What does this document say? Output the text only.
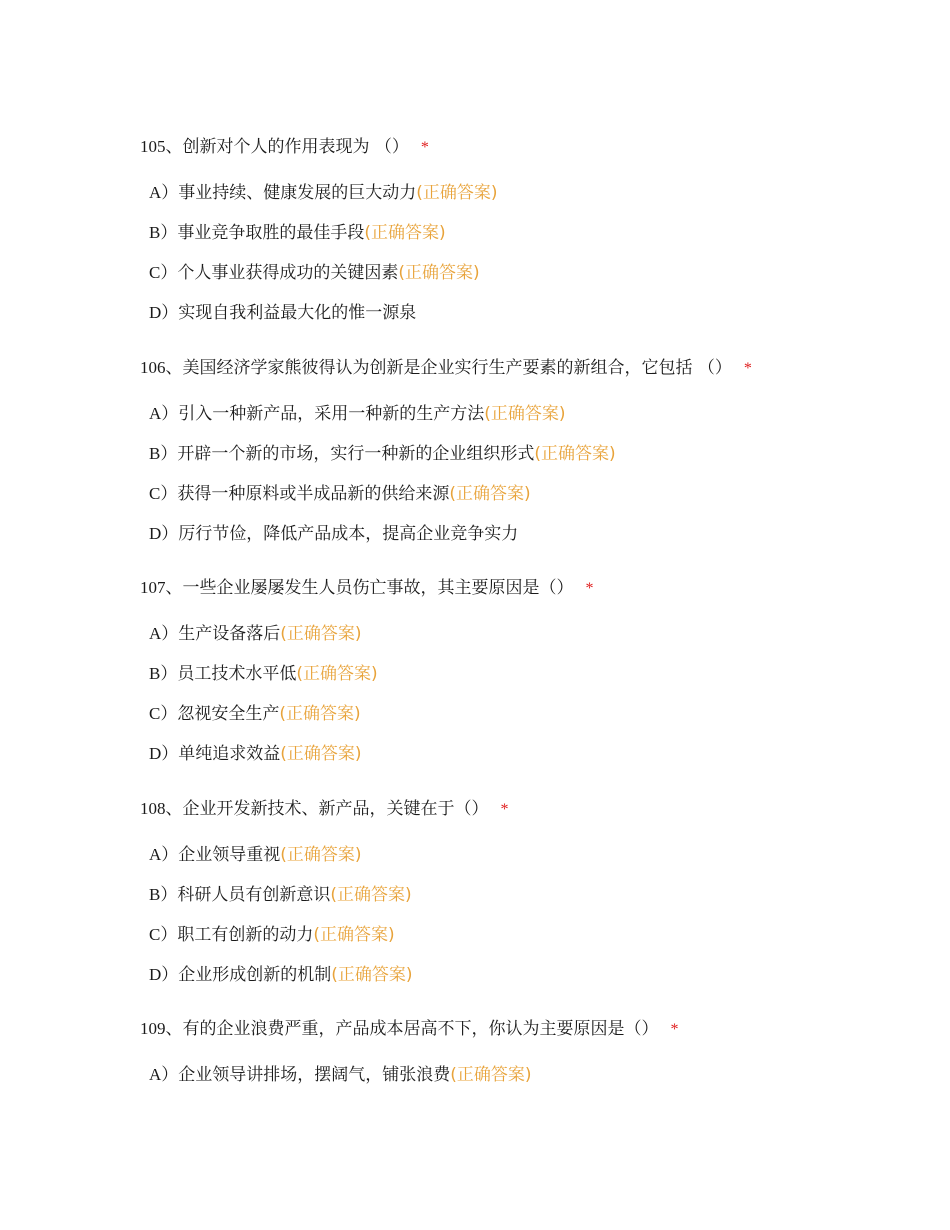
105、创新对个人的作用表现为 （） *
A）事业持续、健康发展的巨大动力(正确答案)
B）事业竞争取胜的最佳手段(正确答案)
C）个人事业获得成功的关键因素(正确答案)
D）实现自我利益最大化的惟一源泉
106、美国经济学家熊彼得认为创新是企业实行生产要素的新组合，它包括 （） *
A）引入一种新产品，采用一种新的生产方法(正确答案)
B）开辟一个新的市场，实行一种新的企业组织形式(正确答案)
C）获得一种原料或半成品新的供给来源(正确答案)
D）厉行节俭，降低产品成本，提高企业竞争实力
107、一些企业屡屡发生人员伤亡事故，其主要原因是（） *
A）生产设备落后(正确答案)
B）员工技术水平低(正确答案)
C）忽视安全生产(正确答案)
D）单纯追求效益(正确答案)
108、企业开发新技术、新产品，关键在于（） *
A）企业领导重视(正确答案)
B）科研人员有创新意识(正确答案)
C）职工有创新的动力(正确答案)
D）企业形成创新的机制(正确答案)
109、有的企业浪费严重，产品成本居高不下，你认为主要原因是（） *
A）企业领导讲排场，摆阔气，铺张浪费(正确答案)
